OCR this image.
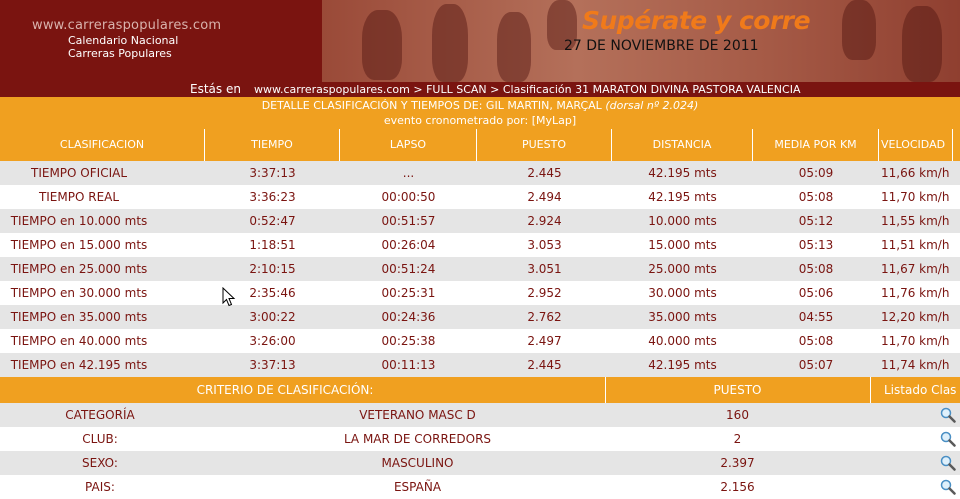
www.carreraspopulares.com
Calendario Nacional
Carreras Populares
Supérate y corre
27 DE NOVIEMBRE DE 2011
Estás en www.carreraspopulares.com > FULL SCAN > Clasificación 31 MARATON DIVINA PASTORA VALENCIA
DETALLE CLASIFICACIÓN Y TIEMPOS DE: GIL MARTIN, MARÇAL (dorsal nº 2.024)
evento cronometrado por: [MyLap]
CLASIFICACION	TIEMPO	LAPSO	PUESTO	DISTANCIA	MEDIA POR KM	VELOCIDAD
TIEMPO OFICIAL	3:37:13	...	2.445	42.195 mts	05:09	11,66 km/h
TIEMPO REAL	3:36:23	00:00:50	2.494	42.195 mts	05:08	11,70 km/h
TIEMPO en 10.000 mts	0:52:47	00:51:57	2.924	10.000 mts	05:12	11,55 km/h
TIEMPO en 15.000 mts	1:18:51	00:26:04	3.053	15.000 mts	05:13	11,51 km/h
TIEMPO en 25.000 mts	2:10:15	00:51:24	3.051	25.000 mts	05:08	11,67 km/h
TIEMPO en 30.000 mts	2:35:46	00:25:31	2.952	30.000 mts	05:06	11,76 km/h
TIEMPO en 35.000 mts	3:00:22	00:24:36	2.762	35.000 mts	04:55	12,20 km/h
TIEMPO en 40.000 mts	3:26:00	00:25:38	2.497	40.000 mts	05:08	11,70 km/h
TIEMPO en 42.195 mts	3:37:13	00:11:13	2.445	42.195 mts	05:07	11,74 km/h
CRITERIO DE CLASIFICACIÓN:	PUESTO	Listado Clas
CATEGORÍA	VETERANO MASC D	160
CLUB:	LA MAR DE CORREDORS	2
SEXO:	MASCULINO	2.397
PAIS:	ESPAÑA	2.156
